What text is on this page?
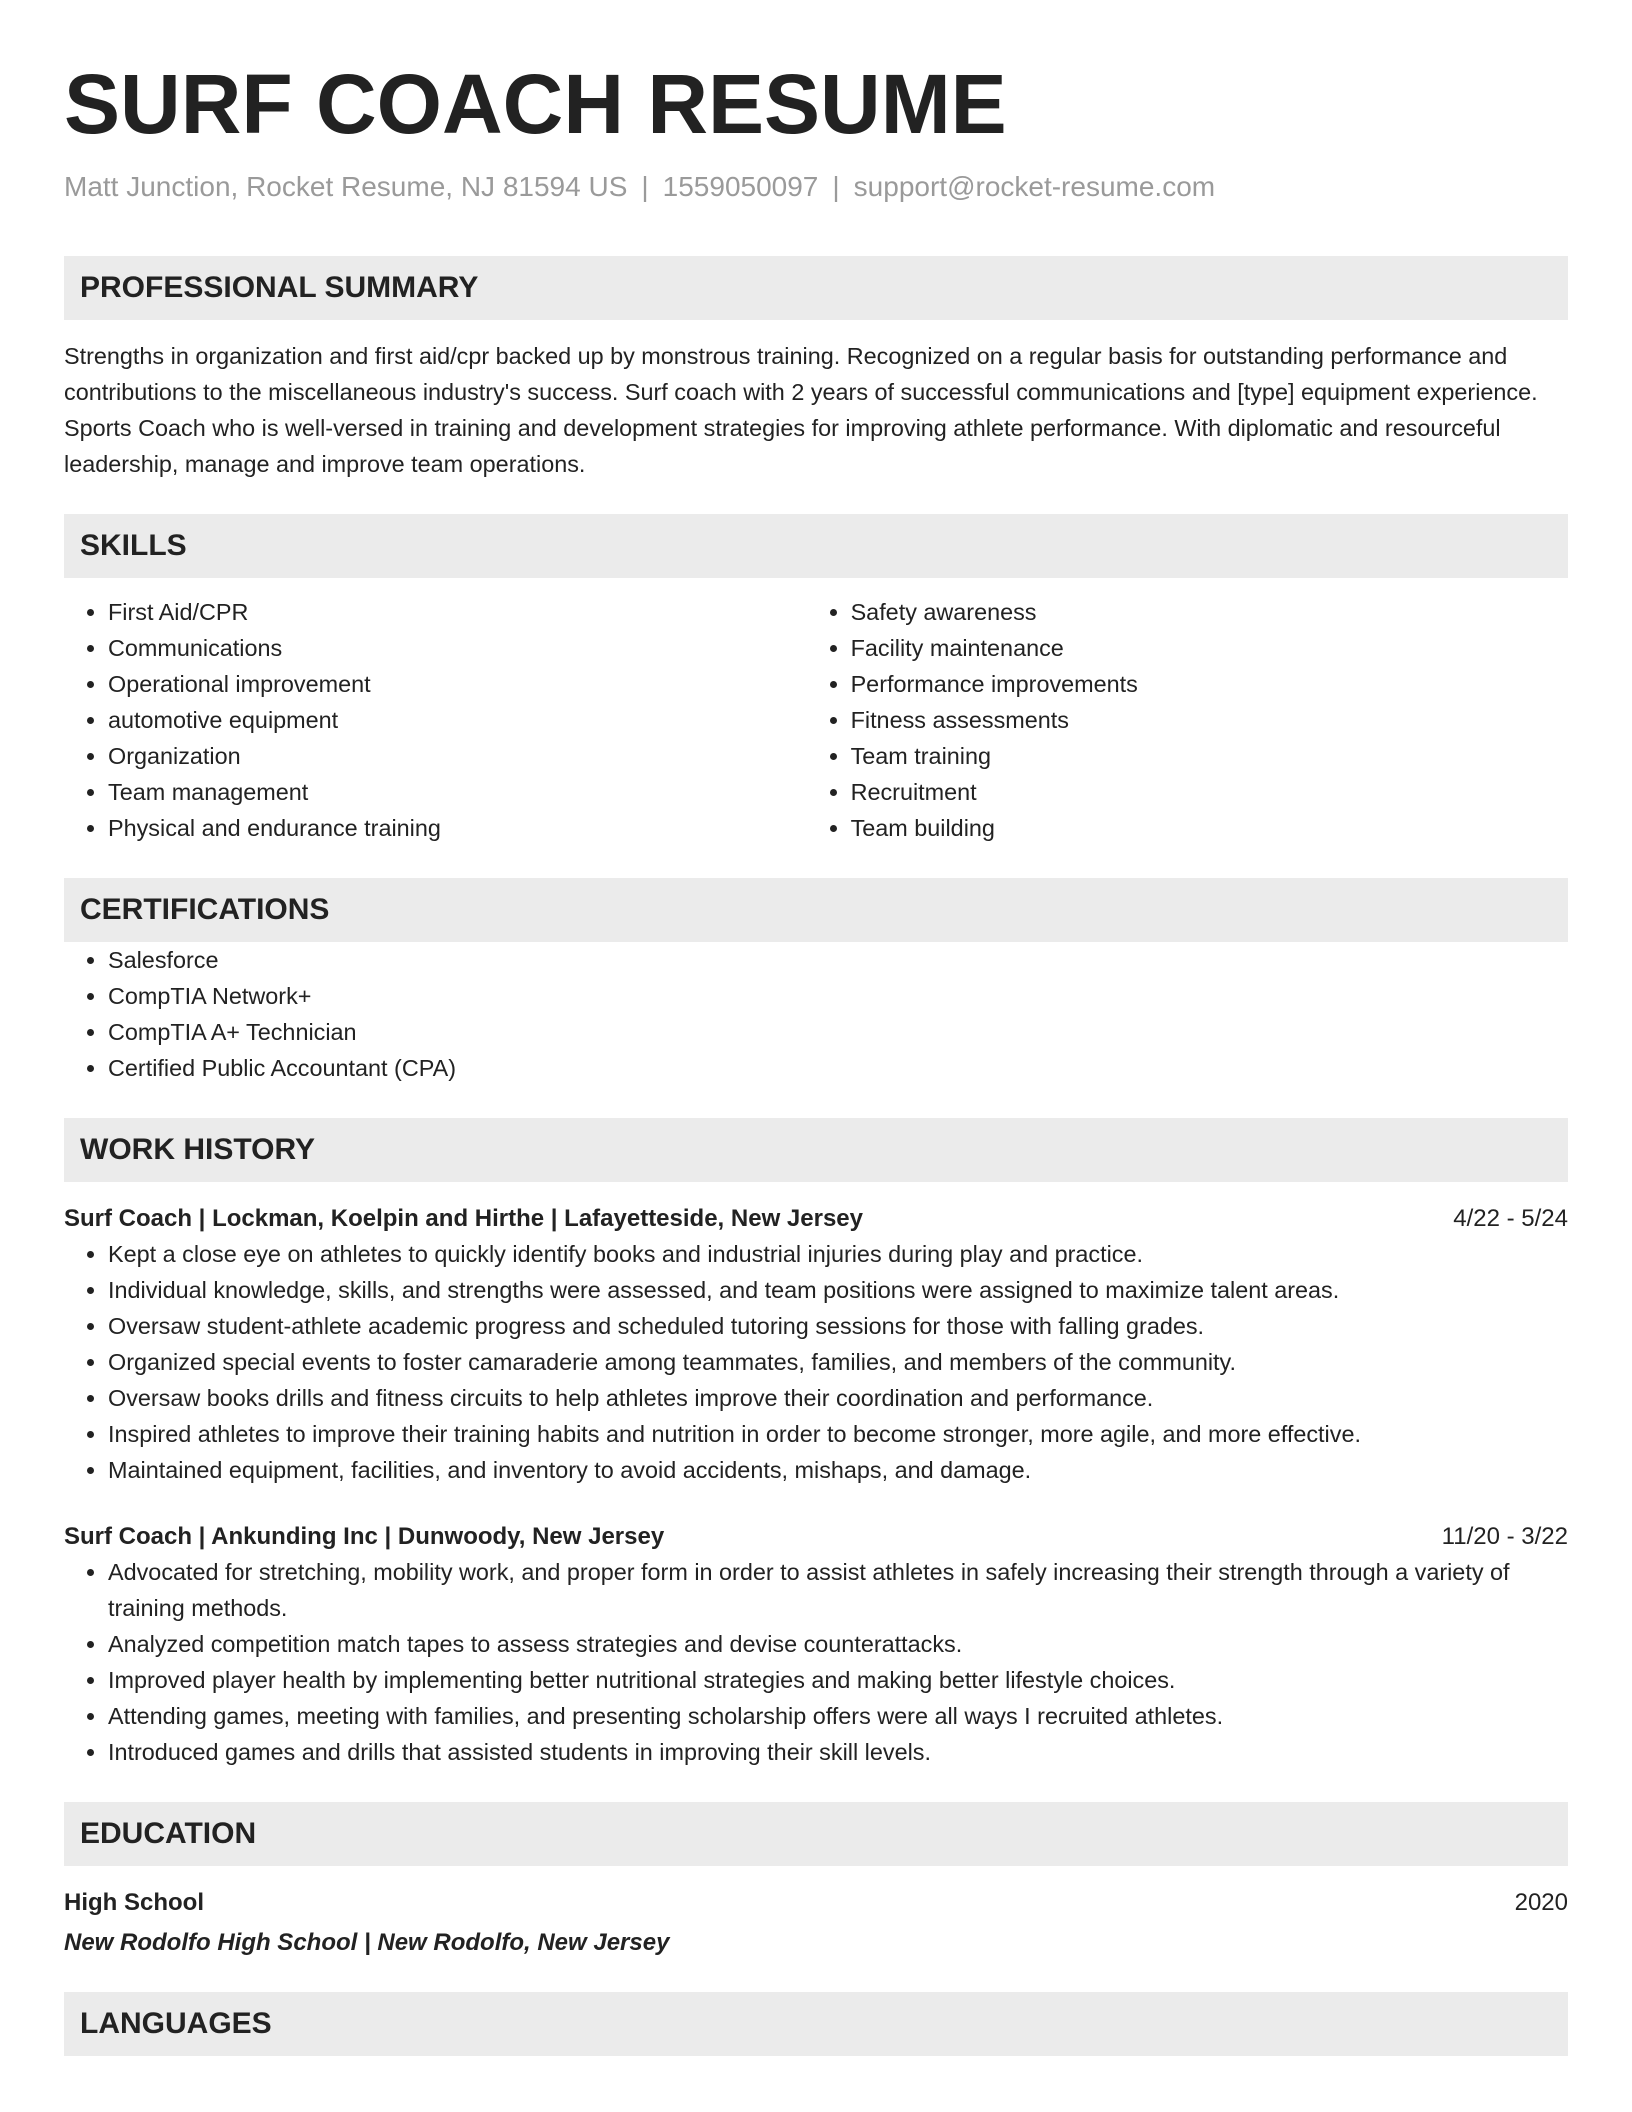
SURF COACH RESUME
Matt Junction, Rocket Resume, NJ 81594 US | 1559050097 | support@rocket-resume.com
PROFESSIONAL SUMMARY

Strengths in organization and first aid/cpr backed up by monstrous training. Recognized on a regular basis for outstanding performance and contributions to the miscellaneous industry's success. Surf coach with 2 years of successful communications and [type] equipment experience. Sports Coach who is well-versed in training and development strategies for improving athlete performance. With diplomatic and resourceful leadership, manage and improve team operations.

SKILLS
• First Aid/CPR
• Communications
• Operational improvement
• automotive equipment
• Organization
• Team management
• Physical and endurance training
• Safety awareness
• Facility maintenance
• Performance improvements
• Fitness assessments
• Team training
• Recruitment
• Team building
CERTIFICATIONS
• Salesforce
• CompTIA Network+
• CompTIA A+ Technician
• Certified Public Accountant (CPA)
WORK HISTORY
Surf Coach | Lockman, Koelpin and Hirthe | Lafayetteside, New Jersey	4/22 - 5/24
• Kept a close eye on athletes to quickly identify books and industrial injuries during play and practice.
• Individual knowledge, skills, and strengths were assessed, and team positions were assigned to maximize talent areas.
• Oversaw student-athlete academic progress and scheduled tutoring sessions for those with falling grades.
• Organized special events to foster camaraderie among teammates, families, and members of the community.
• Oversaw books drills and fitness circuits to help athletes improve their coordination and performance.
• Inspired athletes to improve their training habits and nutrition in order to become stronger, more agile, and more effective.
• Maintained equipment, facilities, and inventory to avoid accidents, mishaps, and damage.
Surf Coach | Ankunding Inc | Dunwoody, New Jersey	11/20 - 3/22
• Advocated for stretching, mobility work, and proper form in order to assist athletes in safely increasing their strength through a variety of training methods.
• Analyzed competition match tapes to assess strategies and devise counterattacks.
• Improved player health by implementing better nutritional strategies and making better lifestyle choices.
• Attending games, meeting with families, and presenting scholarship offers were all ways I recruited athletes.
• Introduced games and drills that assisted students in improving their skill levels.
EDUCATION
High School	2020
New Rodolfo High School | New Rodolfo, New Jersey
LANGUAGES
